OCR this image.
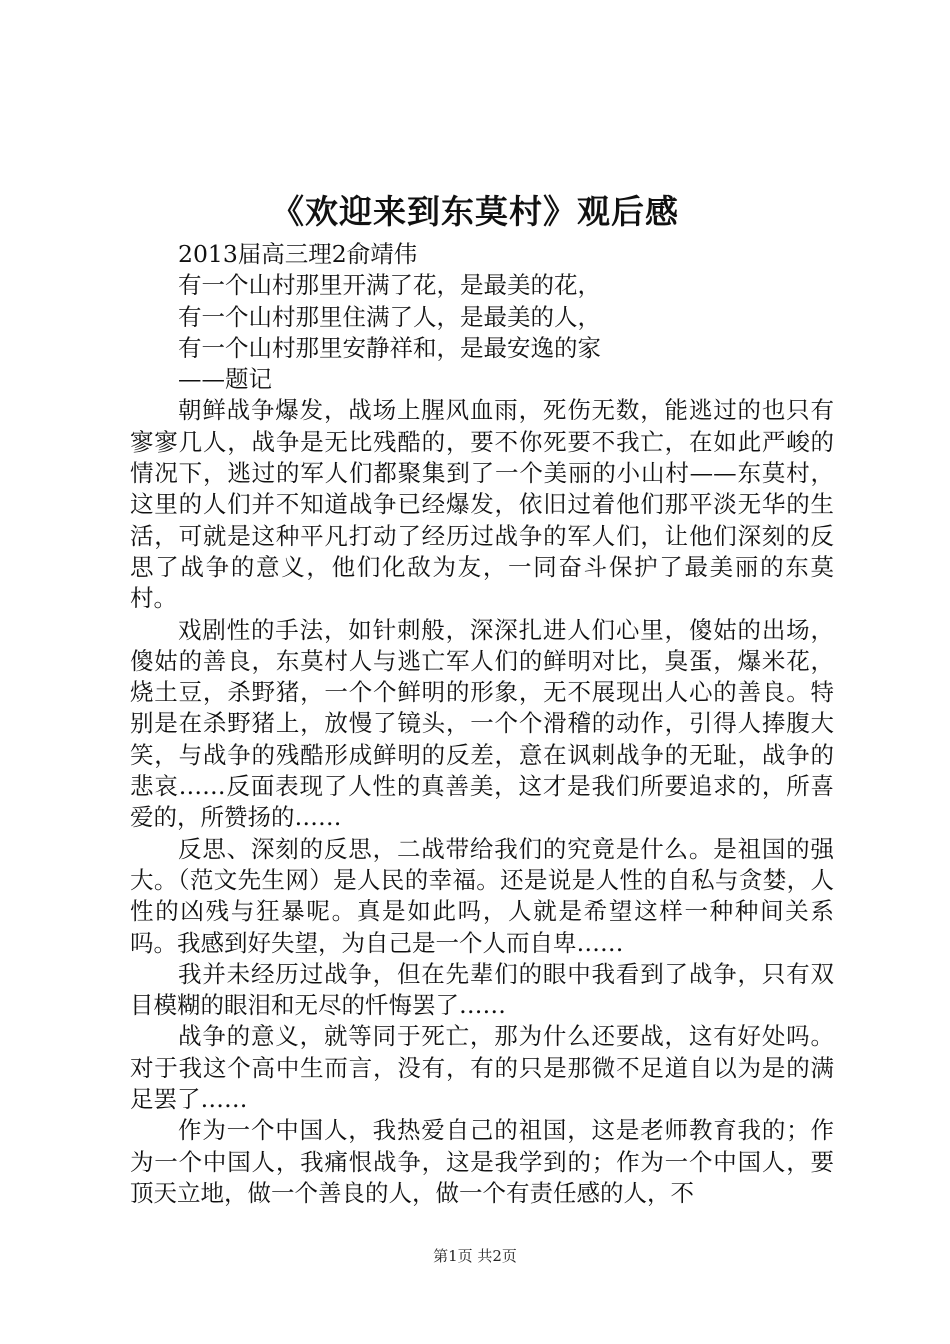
《欢迎来到东莫村》观后感

2013届高三理2俞靖伟

有一个山村那里开满了花，是最美的花，

有一个山村那里住满了人，是最美的人，

有一个山村那里安静祥和，是最安逸的家

——题记

朝鲜战争爆发，战场上腥风血雨，死伤无数，能逃过的也只有寥寥几人，战争是无比残酷的，要不你死要不我亡，在如此严峻的情况下，逃过的军人们都聚集到了一个美丽的小山村——东莫村，这里的人们并不知道战争已经爆发，依旧过着他们那平淡无华的生活，可就是这种平凡打动了经历过战争的军人们，让他们深刻的反思了战争的意义，他们化敌为友，一同奋斗保护了最美丽的东莫村。

戏剧性的手法，如针刺般，深深扎进人们心里，傻姑的出场，傻姑的善良，东莫村人与逃亡军人们的鲜明对比，臭蛋，爆米花，烧土豆，杀野猪，一个个鲜明的形象，无不展现出人心的善良。特别是在杀野猪上，放慢了镜头，一个个滑稽的动作，引得人捧腹大笑，与战争的残酷形成鲜明的反差，意在讽刺战争的无耻，战争的悲哀……反面表现了人性的真善美，这才是我们所要追求的，所喜爱的，所赞扬的……

反思、深刻的反思，二战带给我们的究竟是什么。是祖国的强大。（范文先生网）是人民的幸福。还是说是人性的自私与贪婪，人性的凶残与狂暴呢。真是如此吗，人就是希望这样一种种间关系吗。我感到好失望，为自己是一个人而自卑……

我并未经历过战争，但在先辈们的眼中我看到了战争，只有双目模糊的眼泪和无尽的忏悔罢了……

战争的意义，就等同于死亡，那为什么还要战，这有好处吗。对于我这个高中生而言，没有，有的只是那微不足道自以为是的满足罢了……

作为一个中国人，我热爱自己的祖国，这是老师教育我的；作为一个中国人，我痛恨战争，这是我学到的；作为一个中国人，要顶天立地，做一个善良的人，做一个有责任感的人，不

第1页 共2页
